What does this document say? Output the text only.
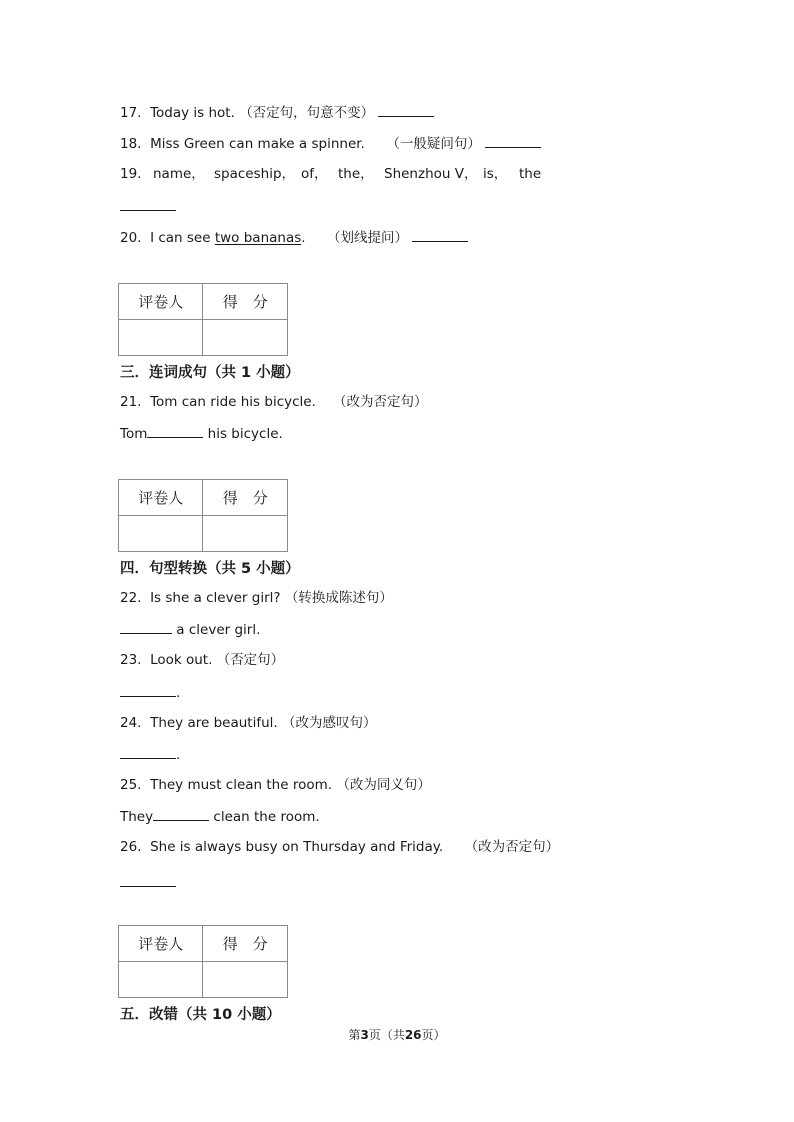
17. Today is hot. （否定句，句意不变）
18. Miss Green can make a spinner. （一般疑问句）
19. name， spaceship， of， the， Shenzhou V， is， the
20. I can see two bananas. （划线提问）
评卷人	得　分

三．连词成句（共 1 小题）
21. Tom can ride his bicycle. （改为否定句）
Tom	his bicycle.
评卷人	得　分

四．句型转换（共 5 小题）
22. Is she a clever girl? （转换成陈述句）
a clever girl.
23. Look out. （否定句）
.
24. They are beautiful. （改为感叹句）
.
25. They must clean the room. （改为同义句）
They	clean the room.
26. She is always busy on Thursday and Friday. （改为否定句）
评卷人	得　分

五．改错（共 10 小题）
第3页（共26页）
